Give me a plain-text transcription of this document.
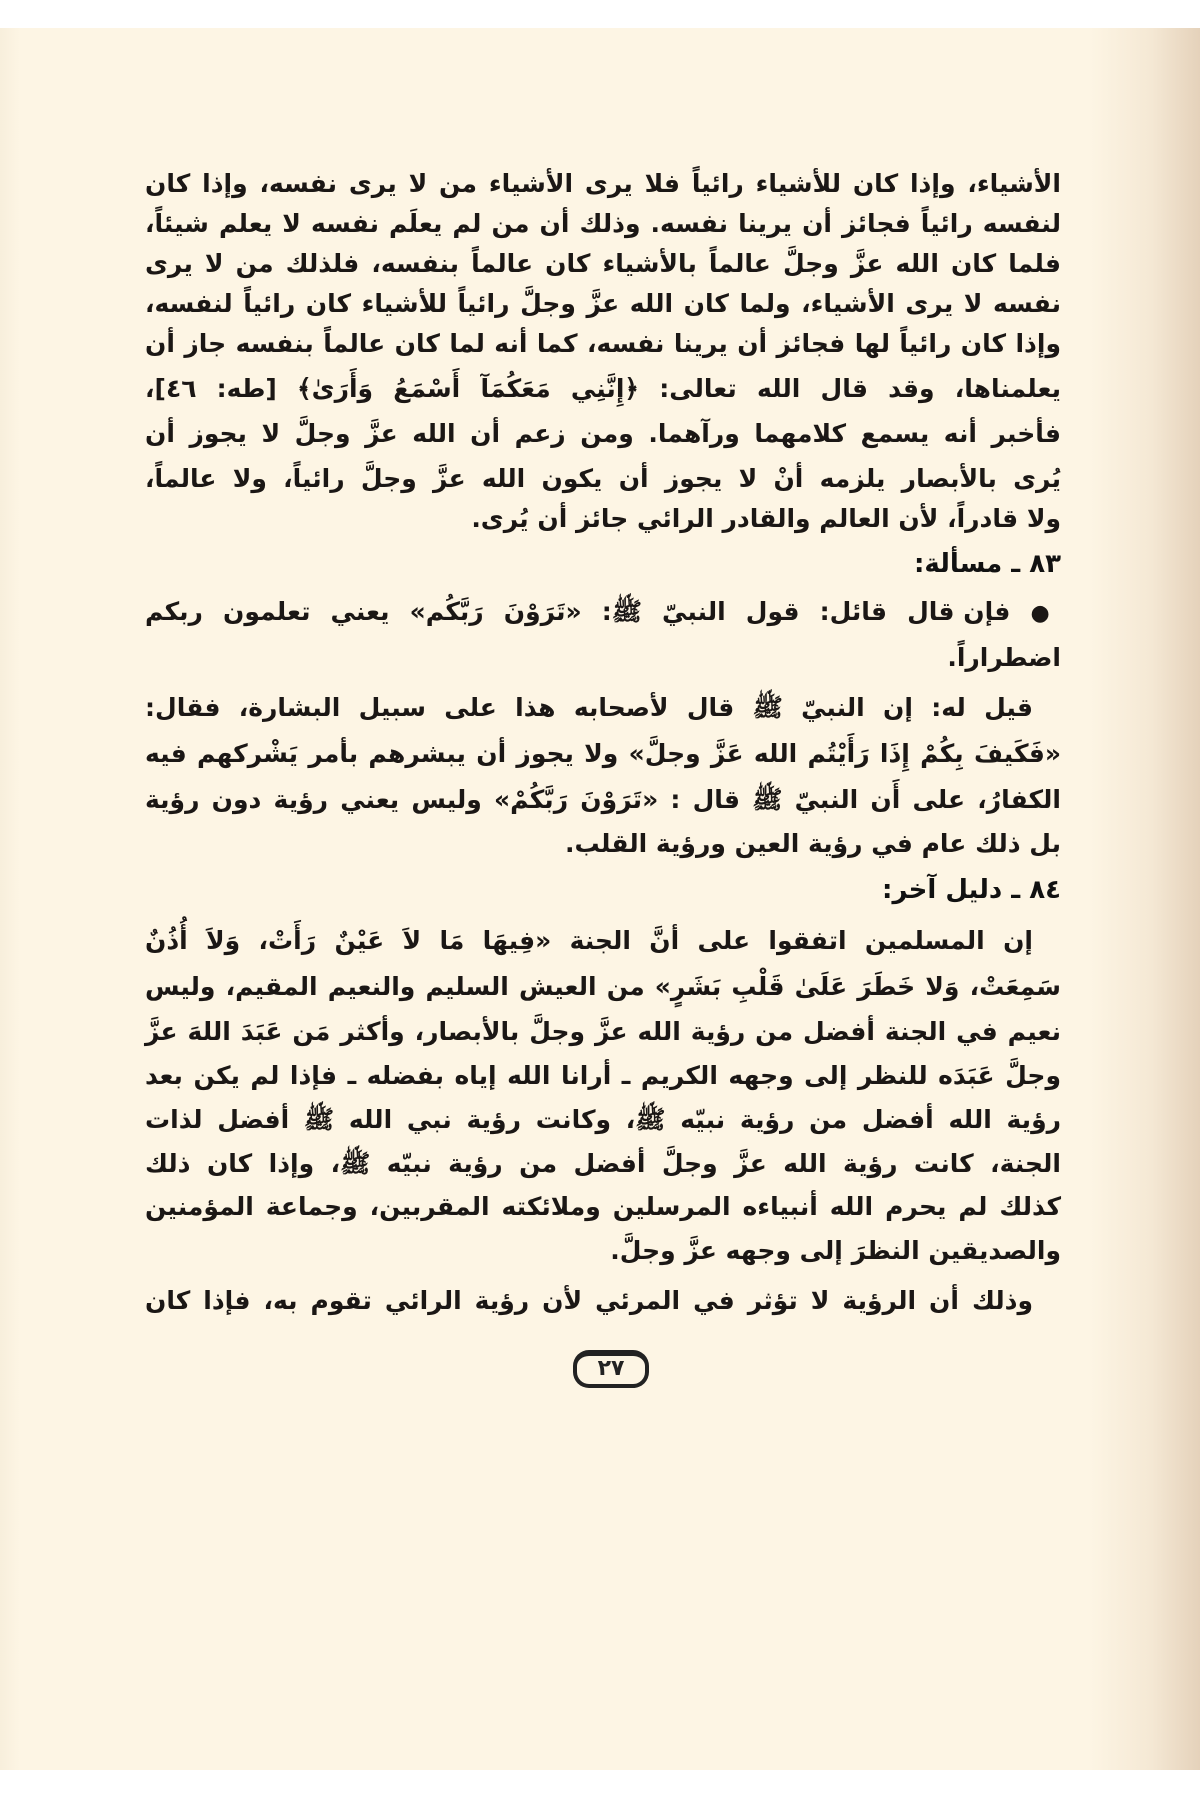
الأشياء، وإذا كان للأشياء رائياً فلا يرى الأشياء من لا يرى نفسه، وإذا كان
لنفسه رائياً فجائز أن يرينا نفسه. وذلك أن من لم يعلَم نفسه لا يعلم شيئاً،
فلما كان الله عزَّ وجلَّ عالماً بالأشياء كان عالماً بنفسه، فلذلك من لا يرى
نفسه لا يرى الأشياء، ولما كان الله عزَّ وجلَّ رائياً للأشياء كان رائياً لنفسه،
وإذا كان رائياً لها فجائز أن يرينا نفسه، كما أنه لما كان عالماً بنفسه جاز أن
يعلمناها، وقد قال الله تعالى: ﴿إِنَّنِي مَعَكُمَآ أَسْمَعُ وَأَرَىٰ﴾ [طه: ٤٦]،
فأخبر أنه يسمع كلامهما ورآهما. ومن زعم أن الله عزَّ وجلَّ لا يجوز أن
يُرى بالأبصار يلزمه أنْ لا يجوز أن يكون الله عزَّ وجلَّ رائياً، ولا عالماً،
ولا قادراً، لأن العالم والقادر الرائي جائز أن يُرى.
٨٣ ـ مسألة:
● فإن قال قائل: قول النبيّ ﷺ: «تَرَوْنَ رَبَّكُم» يعني تعلمون ربكم
اضطراراً.
قيل له: إن النبيّ ﷺ قال لأصحابه هذا على سبيل البشارة، فقال:
«فَكَيفَ بِكُمْ إِذَا رَأَيْتُم الله عَزَّ وجلَّ» ولا يجوز أن يبشرهم بأمر يَشْركهم فيه
الكفارُ، على أَن النبيّ ﷺ قال : «تَرَوْنَ رَبَّكُمْ» وليس يعني رؤية دون رؤية
بل ذلك عام في رؤية العين ورؤية القلب.
٨٤ ـ دليل آخر:
إن المسلمين اتفقوا على أنَّ الجنة «فِيهَا مَا لاَ عَيْنٌ رَأَتْ، وَلاَ أُذُنٌ
سَمِعَتْ، وَلا خَطَرَ عَلَىٰ قَلْبِ بَشَرٍ» من العيش السليم والنعيم المقيم، وليس
نعيم في الجنة أفضل من رؤية الله عزَّ وجلَّ بالأبصار، وأكثر مَن عَبَدَ اللهَ عزَّ
وجلَّ عَبَدَه للنظر إلى وجهه الكريم ـ أرانا الله إياه بفضله ـ فإذا لم يكن بعد
رؤية الله أفضل من رؤية نبيّه ﷺ، وكانت رؤية نبي الله ﷺ أفضل لذات
الجنة، كانت رؤية الله عزَّ وجلَّ أفضل من رؤية نبيّه ﷺ، وإذا كان ذلك
كذلك لم يحرم الله أنبياءه المرسلين وملائكته المقربين، وجماعة المؤمنين
والصديقين النظرَ إلى وجهه عزَّ وجلَّ.
وذلك أن الرؤية لا تؤثر في المرئي لأن رؤية الرائي تقوم به، فإذا كان
٢٧
